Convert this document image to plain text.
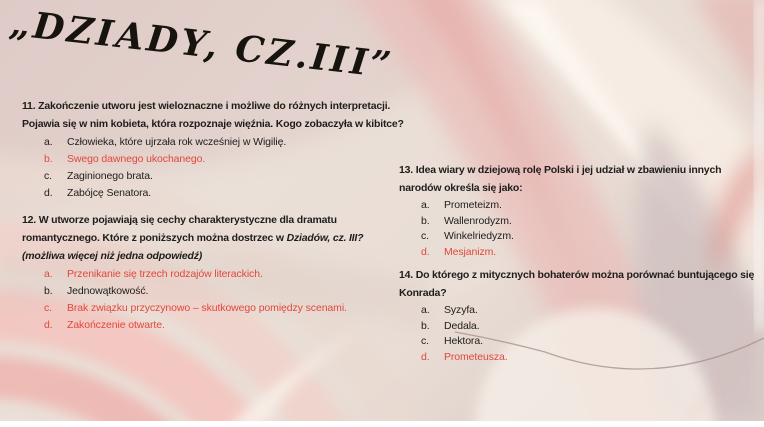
„DZIADY, CZ.III”
11. Zakończenie utworu jest wieloznaczne i możliwe do różnych interpretacji. Pojawia się w nim kobieta, która rozpoznaje więźnia. Kogo zobaczyła w kibitce?
a.	Człowieka, które ujrzała rok wcześniej w Wigilię.
b.	Swego dawnego ukochanego.
c.	Zaginionego brata.
d.	Zabójcę Senatora.
12. W utworze pojawiają się cechy charakterystyczne dla dramatu romantycznego. Które z poniższych można dostrzec w Dziadów, cz. III?
(możliwa więcej niż jedna odpowiedź)
a.	Przenikanie się trzech rodzajów literackich.
b.	Jednowątkowość.
c.	Brak związku przyczynowo – skutkowego pomiędzy scenami.
d.	Zakończenie otwarte.
13. Idea wiary w dziejową rolę Polski i jej udział w zbawieniu innych narodów określa się jako:
a.	Prometeizm.
b.	Wallenrodyzm.
c.	Winkelriedyzm.
d.	Mesjanizm.
14. Do którego z mitycznych bohaterów można porównać buntującego się Konrada?
a.	Syzyfa.
b.	Dedala.
c.	Hektora.
d.	Prometeusza.
